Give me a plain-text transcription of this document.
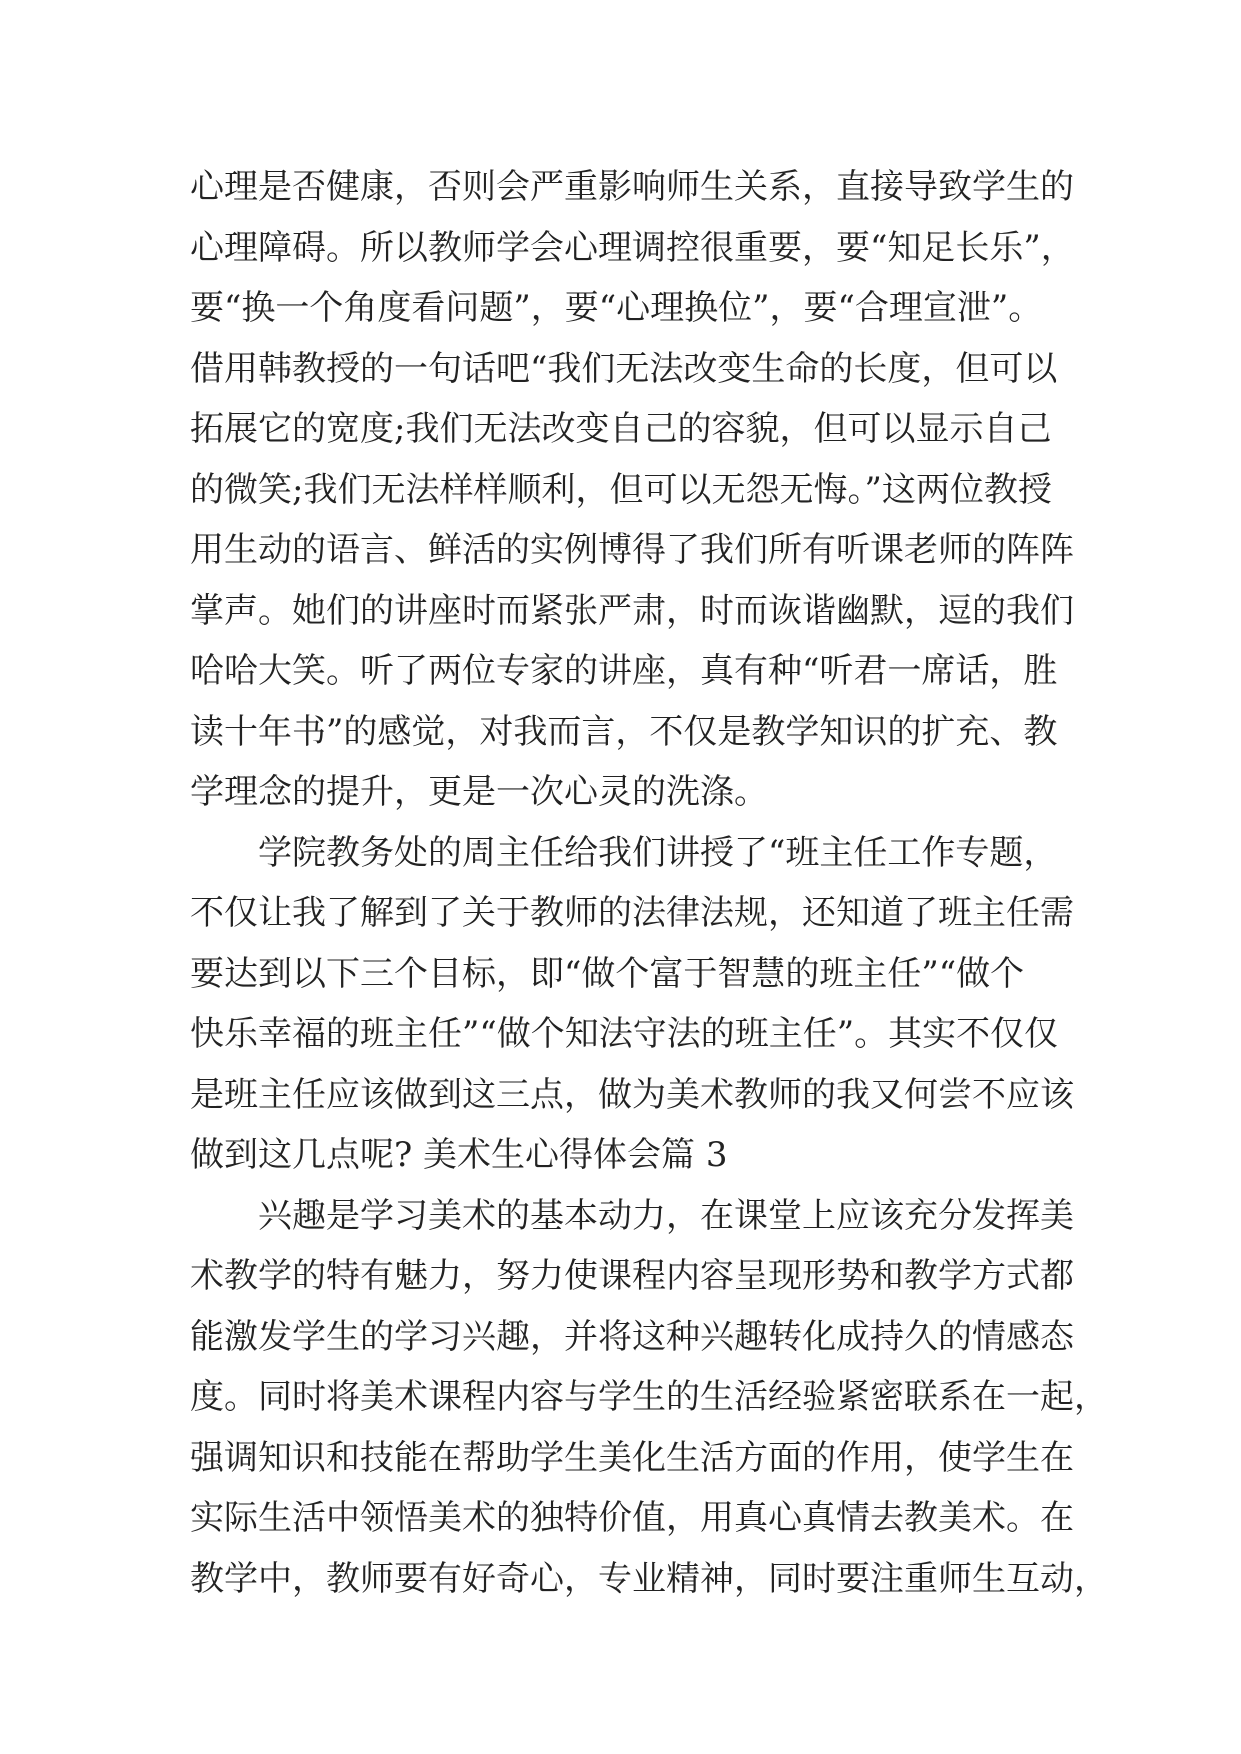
心理是否健康，否则会严重影响师生关系，直接导致学生的
心理障碍。所以教师学会心理调控很重要，要“知足长乐”，
要“换一个角度看问题”，要“心理换位”，要“合理宣泄”。
借用韩教授的一句话吧“我们无法改变生命的长度，但可以
拓展它的宽度;我们无法改变自己的容貌，但可以显示自己
的微笑;我们无法样样顺利，但可以无怨无悔。”这两位教授
用生动的语言、鲜活的实例博得了我们所有听课老师的阵阵
掌声。她们的讲座时而紧张严肃，时而诙谐幽默，逗的我们
哈哈大笑。听了两位专家的讲座，真有种“听君一席话，胜
读十年书”的感觉，对我而言，不仅是教学知识的扩充、教
学理念的提升，更是一次心灵的洗涤。
　　学院教务处的周主任给我们讲授了“班主任工作专题，
不仅让我了解到了关于教师的法律法规，还知道了班主任需
要达到以下三个目标，即“做个富于智慧的班主任”“做个
快乐幸福的班主任”“做个知法守法的班主任”。其实不仅仅
是班主任应该做到这三点，做为美术教师的我又何尝不应该
做到这几点呢? 美术生心得体会篇 3
　　兴趣是学习美术的基本动力，在课堂上应该充分发挥美
术教学的特有魅力，努力使课程内容呈现形势和教学方式都
能激发学生的学习兴趣，并将这种兴趣转化成持久的情感态
度。同时将美术课程内容与学生的生活经验紧密联系在一起，
强调知识和技能在帮助学生美化生活方面的作用，使学生在
实际生活中领悟美术的独特价值，用真心真情去教美术。在
教学中，教师要有好奇心，专业精神，同时要注重师生互动，
